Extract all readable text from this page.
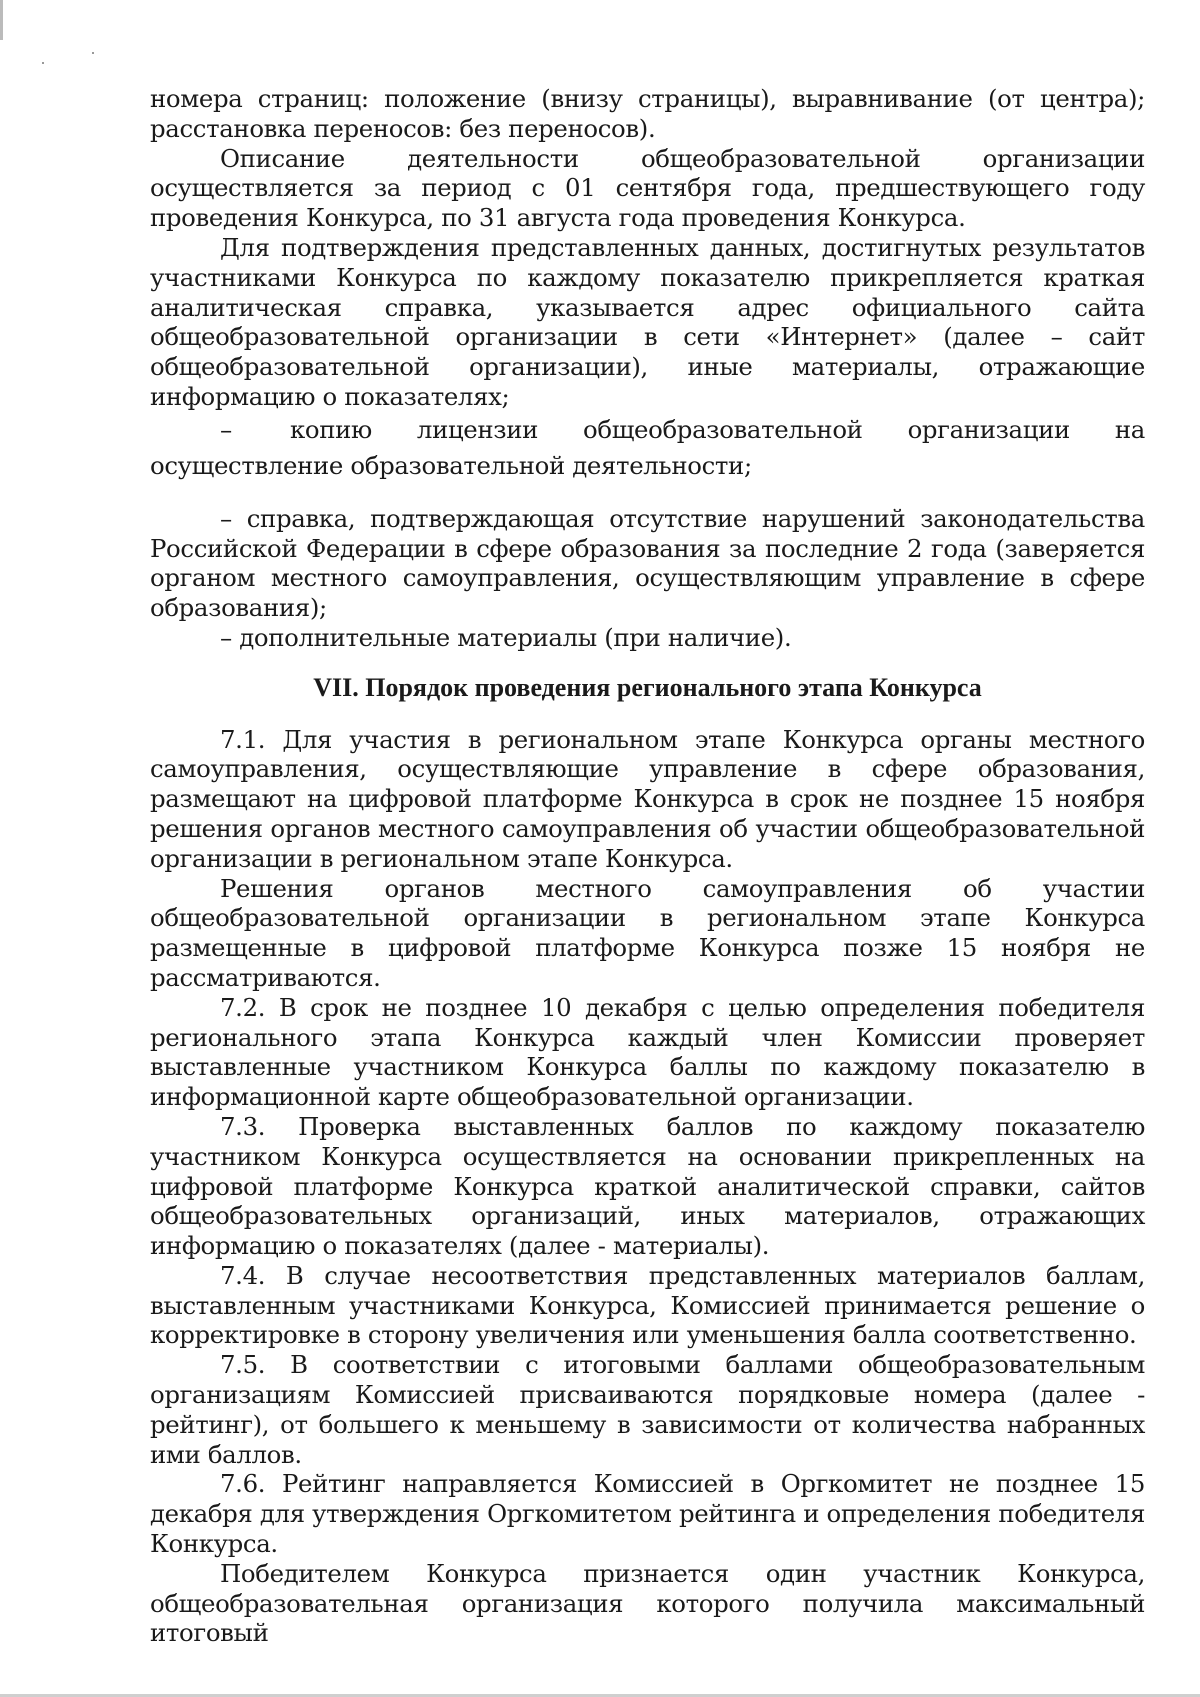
номера страниц: положение (внизу страницы), выравнивание (от центра); расстановка переносов: без переносов).

Описание деятельности общеобразовательной организации осуществляется за период с 01 сентября года, предшествующего году проведения Конкурса, по 31 августа года проведения Конкурса.

Для подтверждения представленных данных, достигнутых результатов участниками Конкурса по каждому показателю прикрепляется краткая аналитическая справка, указывается адрес официального сайта общеобразовательной организации в сети «Интернет» (далее – сайт общеобразовательной организации), иные материалы, отражающие информацию о показателях;

– копию лицензии общеобразовательной организации на осуществление образовательной деятельности;

– справка, подтверждающая отсутствие нарушений законодательства Российской Федерации в сфере образования за последние 2 года (заверяется органом местного самоуправления, осуществляющим управление в сфере образования);

– дополнительные материалы (при наличие).

VII. Порядок проведения регионального этапа Конкурса

7.1. Для участия в региональном этапе Конкурса органы местного самоуправления, осуществляющие управление в сфере образования, размещают на цифровой платформе Конкурса в срок не позднее 15 ноября решения органов местного самоуправления об участии общеобразовательной организации в региональном этапе Конкурса.

Решения органов местного самоуправления об участии общеобразовательной организации в региональном этапе Конкурса размещенные в цифровой платформе Конкурса позже 15 ноября не рассматриваются.

7.2. В срок не позднее 10 декабря с целью определения победителя регионального этапа Конкурса каждый член Комиссии проверяет выставленные участником Конкурса баллы по каждому показателю в информационной карте общеобразовательной организации.

7.3. Проверка выставленных баллов по каждому показателю участником Конкурса осуществляется на основании прикрепленных на цифровой платформе Конкурса краткой аналитической справки, сайтов общеобразовательных организаций, иных материалов, отражающих информацию о показателях (далее - материалы).

7.4. В случае несоответствия представленных материалов баллам, выставленным участниками Конкурса, Комиссией принимается решение о корректировке в сторону увеличения или уменьшения балла соответственно.

7.5. В соответствии с итоговыми баллами общеобразовательным организациям Комиссией присваиваются порядковые номера (далее - рейтинг), от большего к меньшему в зависимости от количества набранных ими баллов.

7.6. Рейтинг направляется Комиссией в Оргкомитет не позднее 15 декабря для утверждения Оргкомитетом рейтинга и определения победителя Конкурса.

Победителем Конкурса признается один участник Конкурса, общеобразовательная организация которого получила максимальный итоговый
